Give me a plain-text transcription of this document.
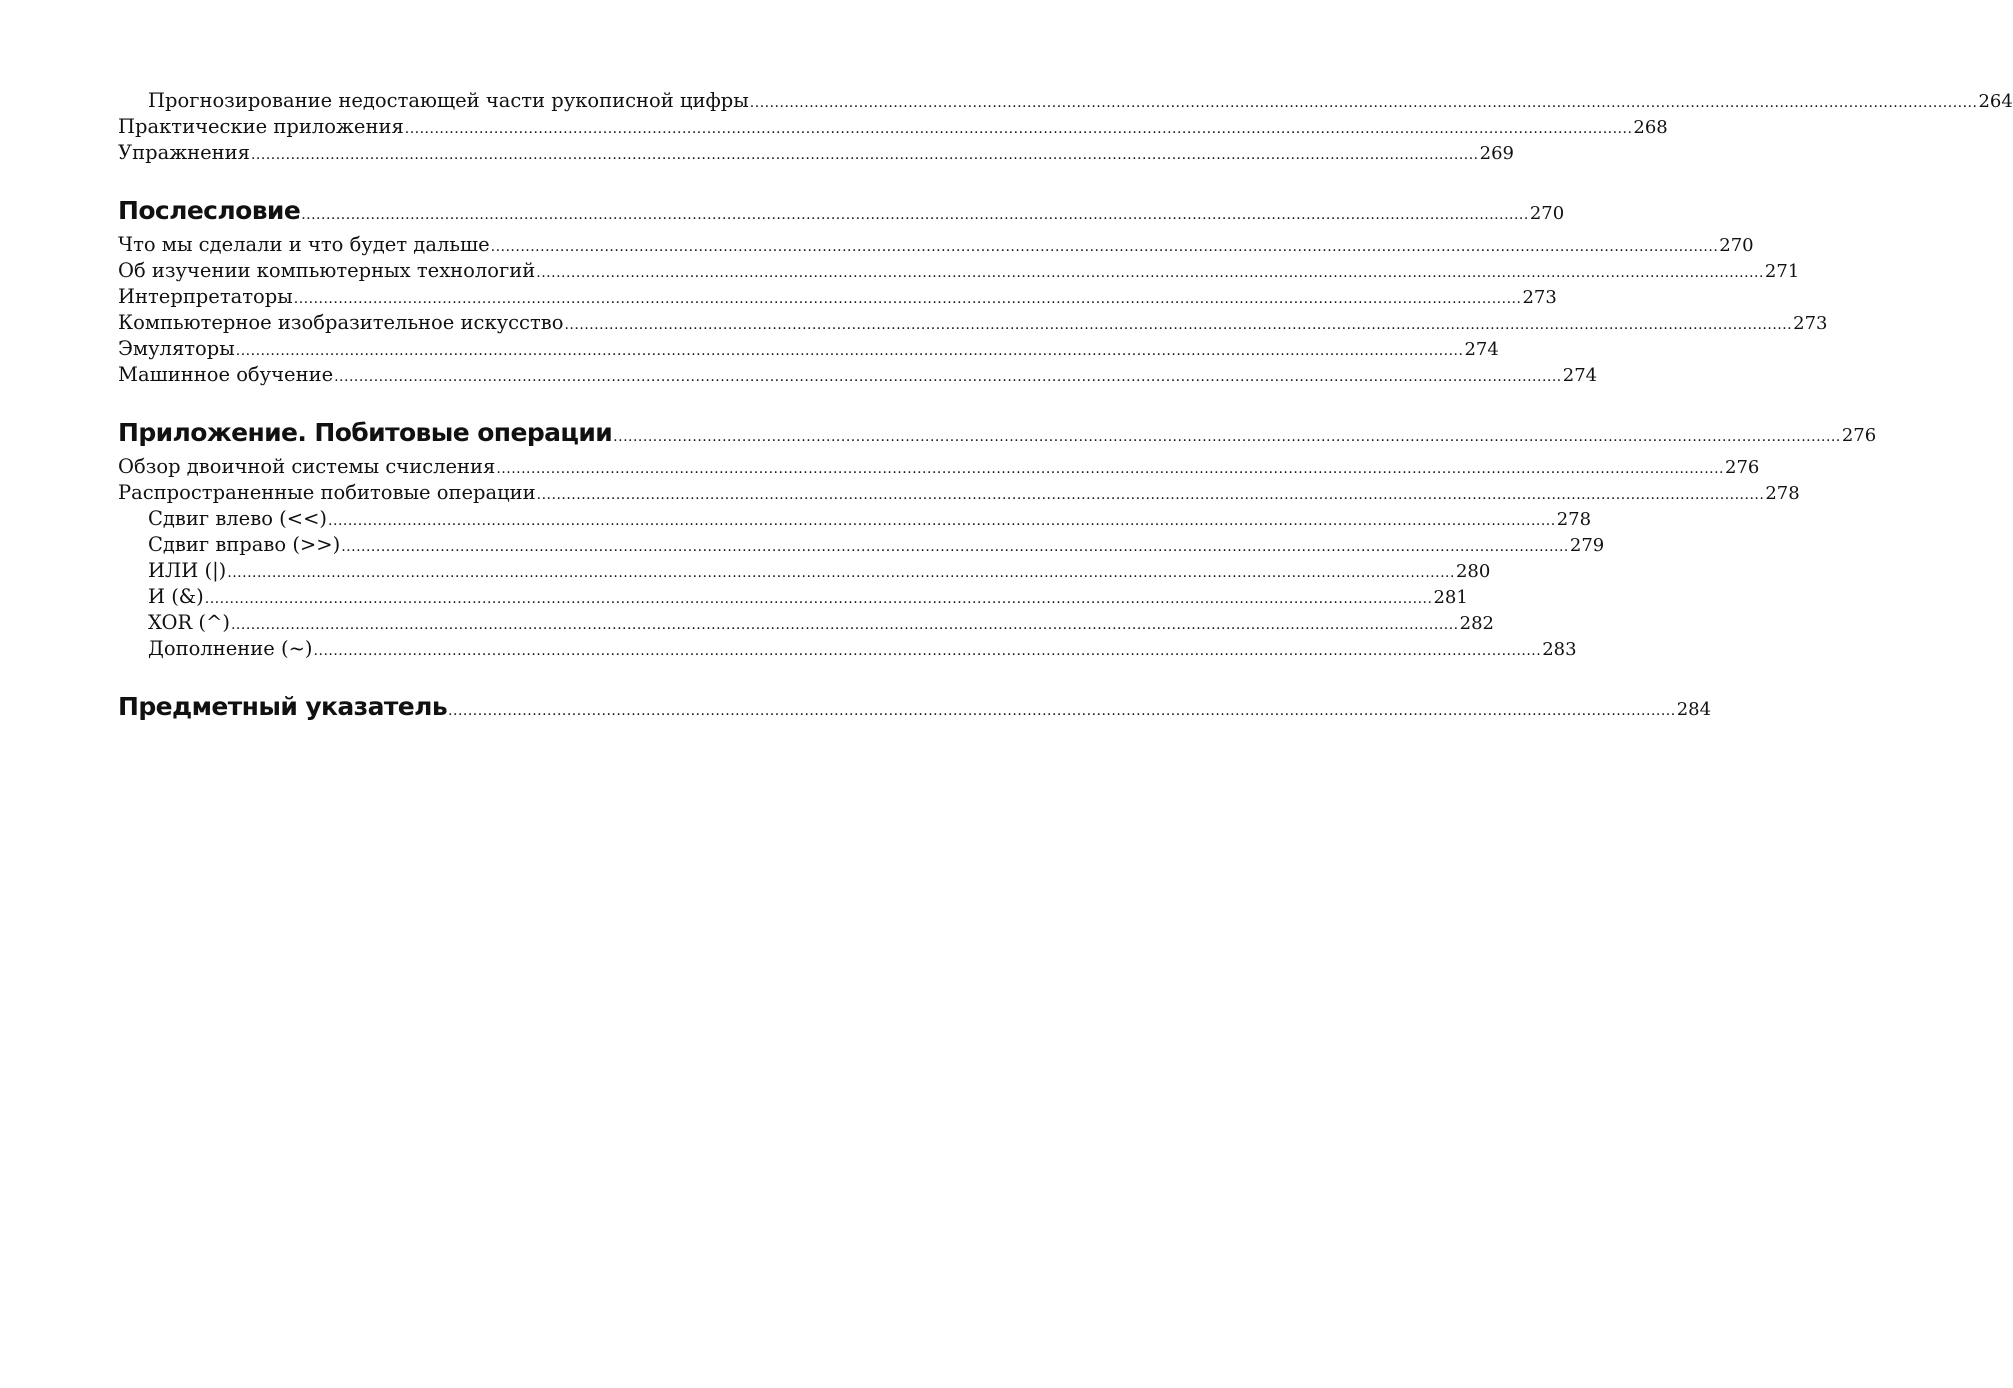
Прогнозирование недостающей части рукописной цифры .....	264
Практические приложения .....	268
Упражнения .....	269
Послесловие .....	270
Что мы сделали и что будет дальше .....	270
Об изучении компьютерных технологий .....	271
Интерпретаторы .....	273
Компьютерное изобразительное искусство .....	273
Эмуляторы .....	274
Машинное обучение .....	274
Приложение. Побитовые операции .....	276
Обзор двоичной системы счисления .....	276
Распространенные побитовые операции .....	278
Сдвиг влево (<<) .....	278
Сдвиг вправо (>>) .....	279
ИЛИ (|) .....	280
И (&) .....	281
XOR (^) .....	282
Дополнение (~) .....	283
Предметный указатель .....	284
